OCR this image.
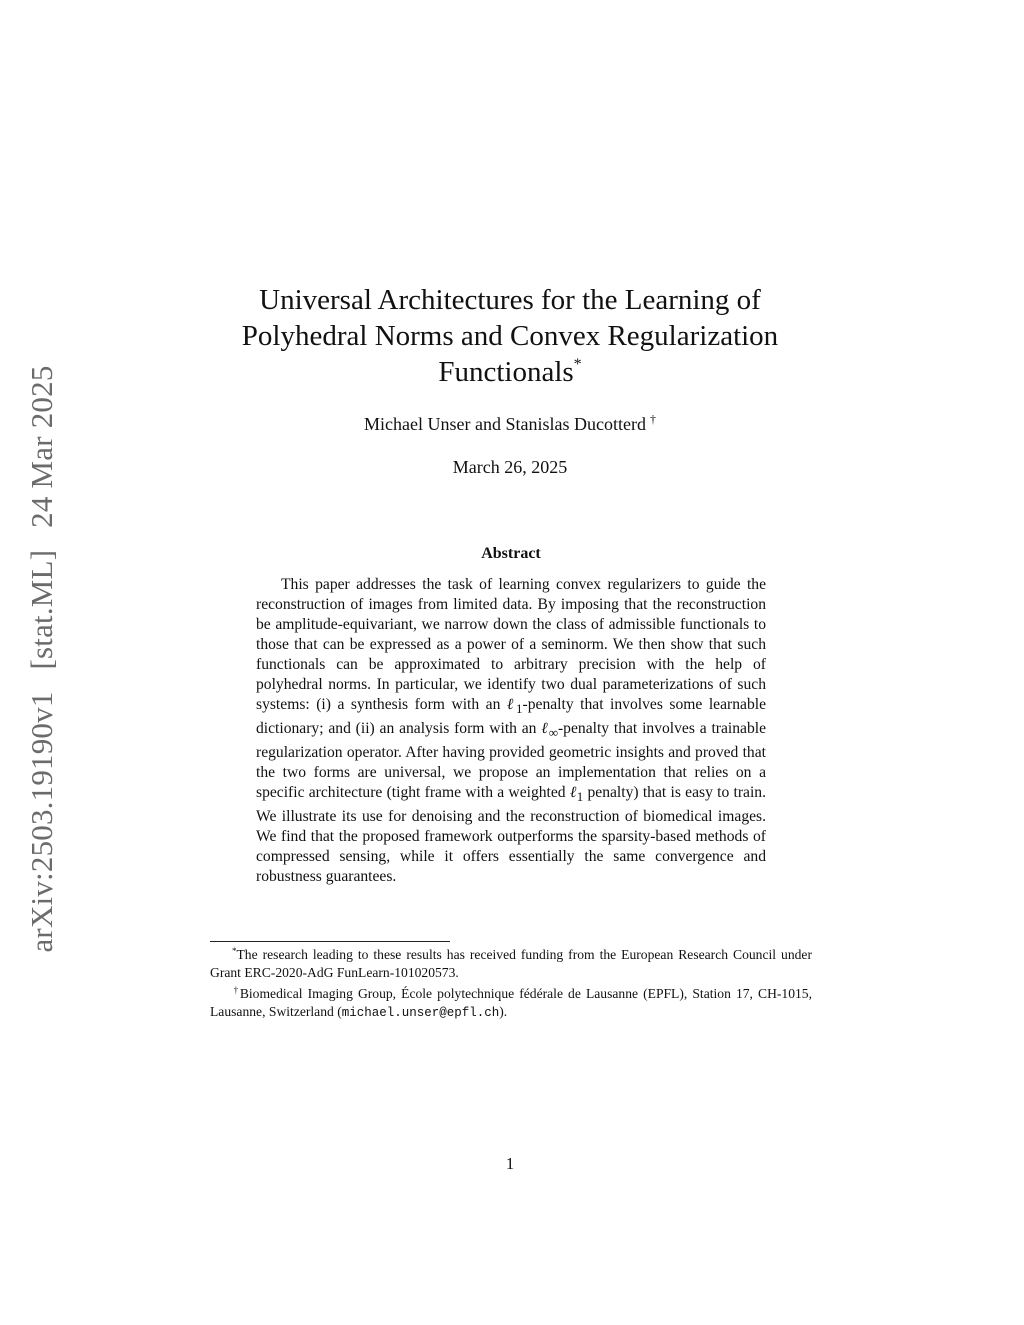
arXiv:2503.19190v1 [stat.ML] 24 Mar 2025
Universal Architectures for the Learning of
Polyhedral Norms and Convex Regularization
Functionals*
Michael Unser and Stanislas Ducotterd †
March 26, 2025
Abstract
This paper addresses the task of learning convex regularizers to guide the reconstruction of images from limited data. By imposing that the reconstruction be amplitude-equivariant, we narrow down the class of admissible functionals to those that can be expressed as a power of a seminorm. We then show that such functionals can be approximated to arbitrary precision with the help of polyhedral norms. In particular, we identify two dual parameterizations of such systems: (i) a synthesis form with an ℓ$_1$-penalty that involves some learnable dictionary; and (ii) an analysis form with an ℓ$_\infty$-penalty that involves a trainable regularization operator. After having provided geometric insights and proved that the two forms are universal, we propose an implementation that relies on a specific architecture (tight frame with a weighted ℓ$_1$ penalty) that is easy to train. We illustrate its use for denoising and the reconstruction of biomedical images. We find that the proposed framework outperforms the sparsity-based methods of compressed sensing, while it offers essentially the same convergence and robustness guarantees.
*The research leading to these results has received funding from the European Research Council under Grant ERC-2020-AdG FunLearn-101020573.
†Biomedical Imaging Group, École polytechnique fédérale de Lausanne (EPFL), Station 17, CH-1015, Lausanne, Switzerland (michael.unser@epfl.ch).
1
